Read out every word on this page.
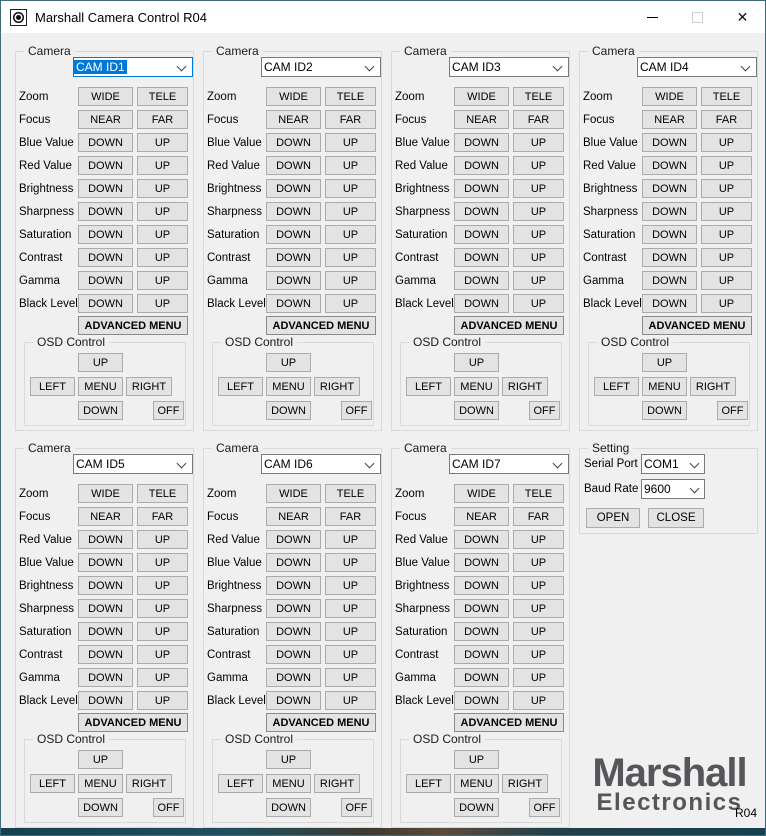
Marshall Camera Control R04	✕
Camera
CAM ID1
Zoom	WIDE	TELE
Focus	NEAR	FAR
Blue Value	DOWN	UP
Red Value	DOWN	UP
Brightness	DOWN	UP
Sharpness	DOWN	UP
Saturation	DOWN	UP
Contrast	DOWN	UP
Gamma	DOWN	UP
Black Level DOWN	UP
ADVANCED MENU
OSD Control
UP
LEFT	MENU	RIGHT
DOWN	OFF
Camera
CAM ID2
Zoom	WIDE	TELE
Focus	NEAR	FAR
Blue Value	DOWN	UP
Red Value	DOWN	UP
Brightness	DOWN	UP
Sharpness	DOWN	UP
Saturation	DOWN	UP
Contrast	DOWN	UP
Gamma	DOWN	UP
Black Level DOWN	UP
ADVANCED MENU
OSD Control
UP
LEFT	MENU	RIGHT
DOWN	OFF
Camera
CAM ID3
Zoom	WIDE	TELE
Focus	NEAR	FAR
Blue Value	DOWN	UP
Red Value	DOWN	UP
Brightness	DOWN	UP
Sharpness	DOWN	UP
Saturation	DOWN	UP
Contrast	DOWN	UP
Gamma	DOWN	UP
Black Level DOWN	UP
ADVANCED MENU
OSD Control
UP
LEFT	MENU	RIGHT
DOWN	OFF
Camera
CAM ID4
Zoom	WIDE	TELE
Focus	NEAR	FAR
Blue Value	DOWN	UP
Red Value	DOWN	UP
Brightness	DOWN	UP
Sharpness	DOWN	UP
Saturation	DOWN	UP
Contrast	DOWN	UP
Gamma	DOWN	UP
Black Level DOWN	UP
ADVANCED MENU
OSD Control
UP
LEFT	MENU	RIGHT
DOWN	OFF
Camera
CAM ID5
Zoom	WIDE	TELE
Focus	NEAR	FAR
Red Value	DOWN	UP
Blue Value	DOWN	UP
Brightness	DOWN	UP
Sharpness	DOWN	UP
Saturation	DOWN	UP
Contrast	DOWN	UP
Gamma	DOWN	UP
Black Level DOWN	UP
ADVANCED MENU
OSD Control
UP
LEFT	MENU	RIGHT
DOWN	OFF
Camera
CAM ID6
Zoom	WIDE	TELE
Focus	NEAR	FAR
Red Value	DOWN	UP
Blue Value	DOWN	UP
Brightness	DOWN	UP
Sharpness	DOWN	UP
Saturation	DOWN	UP
Contrast	DOWN	UP
Gamma	DOWN	UP
Black Level DOWN	UP
ADVANCED MENU
OSD Control
UP
LEFT	MENU	RIGHT
DOWN	OFF
Camera
CAM ID7
Zoom	WIDE	TELE
Focus	NEAR	FAR
Red Value	DOWN	UP
Blue Value	DOWN	UP
Brightness	DOWN	UP
Sharpness	DOWN	UP
Saturation	DOWN	UP
Contrast	DOWN	UP
Gamma	DOWN	UP
Black Level DOWN	UP
ADVANCED MENU
OSD Control
UP
LEFT	MENU	RIGHT
DOWN	OFF
Setting
Serial Port COM1
Baud Rate 9600
OPEN	CLOSE
Marshall
Electronics
R04
